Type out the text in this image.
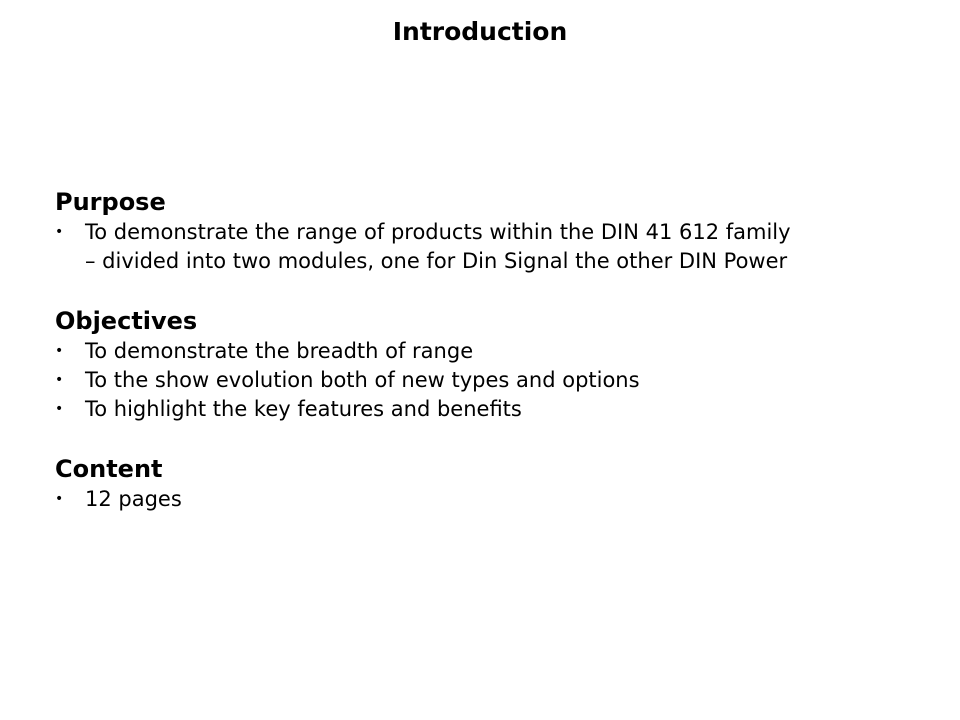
Introduction
Purpose
• To demonstrate the range of products within the DIN 41 612 family
– divided into two modules, one for Din Signal the other DIN Power
Objectives
• To demonstrate the breadth of range
• To the show evolution both of new types and options
• To highlight the key features and benefits
Content
• 12 pages
